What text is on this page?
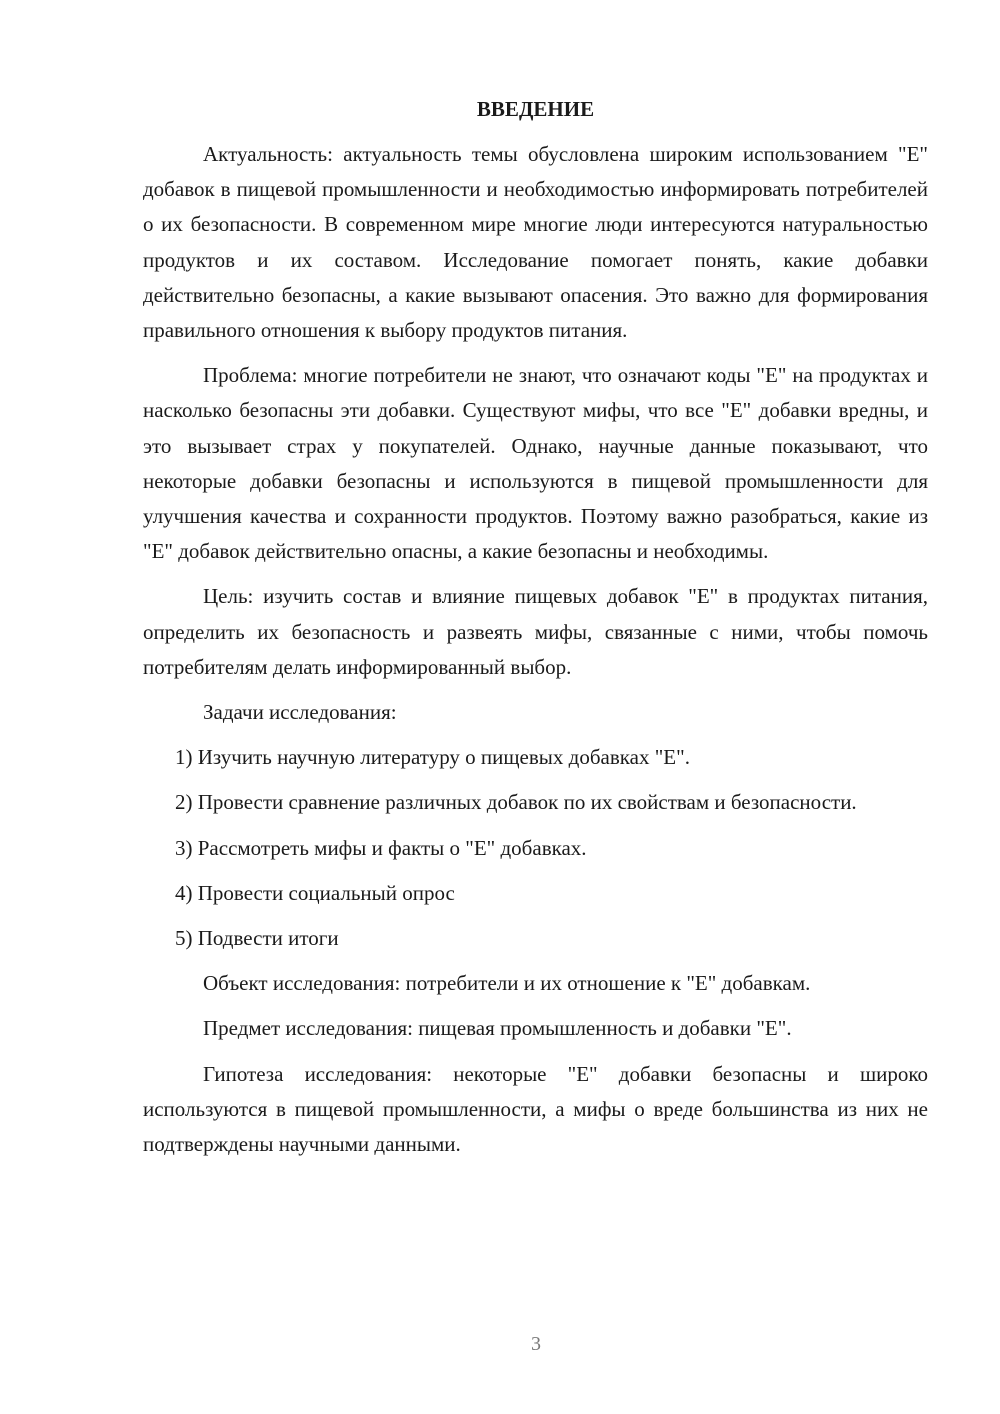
ВВЕДЕНИЕ

Актуальность: актуальность темы обусловлена широким использованием "E" добавок в пищевой промышленности и необходимостью информировать потребителей о их безопасности. В современном мире многие люди интересуются натуральностью продуктов и их составом. Исследование помогает понять, какие добавки действительно безопасны, а какие вызывают опасения. Это важно для формирования правильного отношения к выбору продуктов питания.

Проблема: многие потребители не знают, что означают коды "E" на продуктах и насколько безопасны эти добавки. Существуют мифы, что все "E" добавки вредны, и это вызывает страх у покупателей. Однако, научные данные показывают, что некоторые добавки безопасны и используются в пищевой промышленности для улучшения качества и сохранности продуктов. Поэтому важно разобраться, какие из "E" добавок действительно опасны, а какие безопасны и необходимы.

Цель: изучить состав и влияние пищевых добавок "E" в продуктах питания, определить их безопасность и развеять мифы, связанные с ними, чтобы помочь потребителям делать информированный выбор.

Задачи исследования:

1) Изучить научную литературу о пищевых добавках "E".

2) Провести сравнение различных добавок по их свойствам и безопасности.

3) Рассмотреть мифы и факты о "E" добавках.

4) Провести социальный опрос

5) Подвести итоги

Объект исследования: потребители и их отношение к "E" добавкам.

Предмет исследования: пищевая промышленность и добавки "E".

Гипотеза исследования: некоторые "E" добавки безопасны и широко используются в пищевой промышленности, а мифы о вреде большинства из них не подтверждены научными данными.

3
